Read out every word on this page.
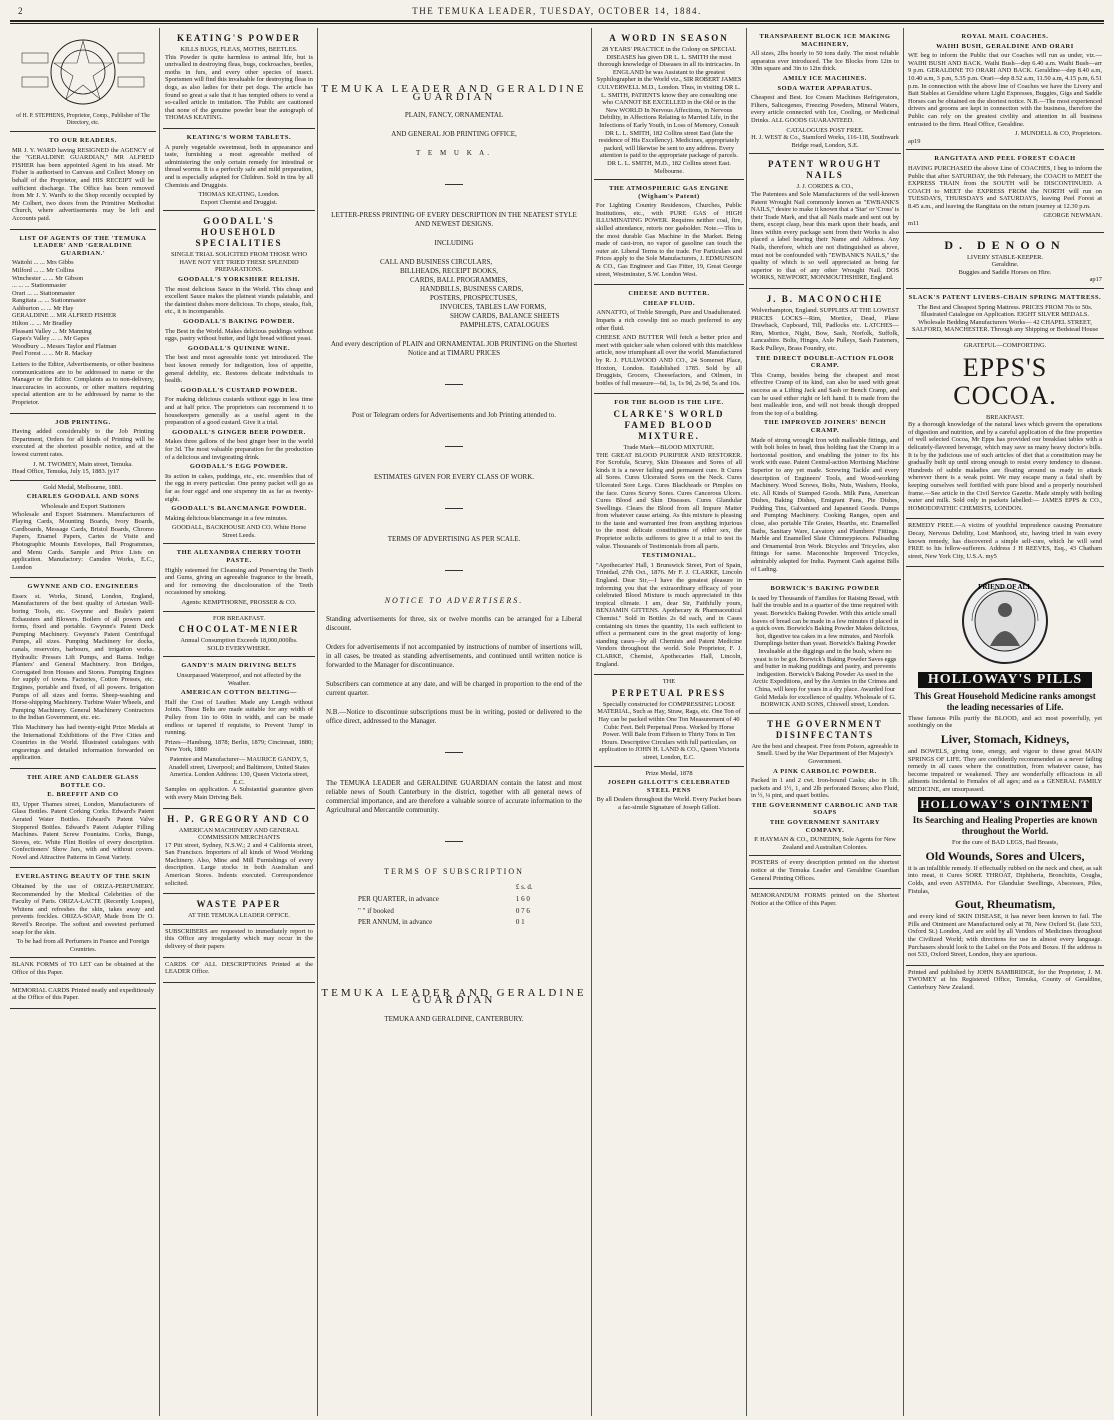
2	THE TEMUKA LEADER, TUESDAY, OCTOBER 14, 1884.
of H. P. STEPHENS, Proprietor, Comp., Publisher of The Directory, etc.
TO OUR READERS.
MR J. Y. WARD having RESIGNED the AGENCY of the "GERALDINE GUARDIAN," MR ALFRED FISHER has been appointed Agent in his stead. Mr Fisher is authorised to Canvass and Collect Money on behalf of the Proprietor, and HIS RECEIPT will be sufficient discharge. The Office has been removed from Mr J. Y. Ward's to the Shop recently occupied by Mr Colbert, two doors from the Primitive Methodist Church, where advertisements may be left and Accounts paid.
LIST OF AGENTS OF THE 'TEMUKA LEADER' AND 'GERALDINE GUARDIAN.'
Waitohi ... ... Mrs Gibbs
Milford ... ... Mr Collins
Winchester ... ... Mr Gibson
... ... ... Stationmaster
Orari ... ... Stationmaster
Rangitata ... ... Stationmaster
Ashburton ... ... Mr Hay
GERALDINE ... MR ALFRED FISHER
Hilton ... ... Mr Bradley
Pleasant Valley ... Mr Manning
Gapes's Valley ... ... Mr Gapes
Woodbury ... Messrs Taylor and Flatman
Peel Forest ... ... Mr R. Mackay
Letters to the Editor, Advertisements, or other business communications are to be addressed to name or the Manager or the Editor. Complaints as to non-delivery, inaccuracies in accounts, or other matters requiring special attention are to be addressed by name to the Proprietor.
JOB PRINTING.
Having added considerably to the Job Printing Department, Orders for all kinds of Printing will be executed at the shortest possible notice, and at the lowest current rates.
J. M. TWOMEY, Main street, Temuka.
Head Office, Temuka, July 15, 1883. jy17
Gold Medal, Melbourne, 1881.
CHARLES GOODALL AND SONS
Wholesale and Export Stationers
Wholesale and Export Statmners. Manufacturers of Playing Cards, Mounting Boards, Ivory Boards, Cardboards, Message Cards, Bristol Boards, Chromo Papers, Enamel Papers, Cartes de Visite and Photographic Mounts Envelopes, Ball Programmes, and Menu Cards. Sample and Price Lists on application. Manufactory: Camden Works, E.C., London
GWYNNE AND CO. ENGINEERS
Essex st. Works, Strand, London, England, Manufacturers of the best quality of Artesian Well-boring Tools, etc. Gwynne and Beale's patent Exhausters and Blowers. Boilers of all powers and forms, fixed and portable. Gwynne's Patent Deck Pumping Machinery. Gwynne's Patent Centrifugal Pumps, all sizes. Pumping Machinery for docks, canals, reservoirs, harbours, and irrigation works. Hydraulic Presses Lift Pumps, and Rams. Indigo Planters' and General Machinery. Iron Bridges, Corrugated Iron Houses and Stores. Pumping Engines for supply of towns. Factories, Cotton Presses, etc. Engines, portable and fixed, of all powers. Irrigation Pumps of all sizes and forms. Sheep-washing and Horse-shipping Machinery. Turbine Water Wheels, and Pumping Machinery. General Machinery Contractors to the Indian Government, etc. etc.
This Machinery has had twenty-eight Prize Medals at the International Exhibitions of the Five Cities and Countries in the World. Illustrated catalogues with engravings and detailed information forwarded on application.
THE AIRE AND CALDER GLASS BOTTLE CO.
E. BREFFIT AND CO
83, Upper Thames street, London, Manufacturers of Glass Bottles. Patent Corking Corks. Edward's Patent Aerated Water Bottles. Edward's Patent Valve Stoppered Bottles. Edward's Patent Adapter Filling Machines. Patent Screw Fountains. Corks, Bungs, Stoves, etc. White Flint Bottles of every description. Confectioners' Show Jars, with and without covers. Novel and Attractive Patterns in Great Variety.
EVERLASTING BEAUTY OF THE SKIN
Obtained by the use of ORIZA-PERFUMERY. Recommended by the Medical Celebrities of the Faculty of Paris. ORIZA-LACTE (Recently Loupes), Whitens and refreshes the skin, takes away and prevents freckles. ORIZA-SOAP, Made from Dr O. Reveil's Receipe. The softest and sweetest perfumed soap for the skin.
To be had from all Perfumers in France and Foreign Countries.
BLANK FORMS of TO LET can be obtained at the Office of this Paper.
MEMORIAL CARDS Printed neatly and expeditiously at the Office of this Paper.
KEATING'S POWDER
KILLS BUGS, FLEAS, MOTHS, BEETLES.
This Powder is quite harmless to animal life, but is unrivalled in destroying fleas, bugs, cockroaches, beetles, moths in furs, and every other species of insect. Sportsmen will find this invaluable for destroying fleas in dogs, as also ladies for their pet dogs. The article has found so great a sale that it has tempted others to vend a so-called article in imitation. The Public are cautioned that none of the genuine powder bear the autograph of THOMAS KEATING.
KEATING'S WORM TABLETS.
A purely vegetable sweetmeat, both in appearance and taste, furnishing a most agreeable method of administering the only certain remedy for intestinal or thread worms. It is a perfectly safe and mild preparation, and is especially adapted for Children. Sold in tins by all Chemists and Druggists.
THOMAS KEATING, London.
Export Chemist and Druggist.
GOODALL'S HOUSEHOLD SPECIALITIES
SINGLE TRIAL SOLICITED FROM THOSE WHO HAVE NOT YET TRIED THESE SPLENDID PREPARATIONS.
GOODALL'S YORKSHIRE RELISH.
The most delicious Sauce in the World. This cheap and excellent Sauce makes the plainest viands palatable, and the daintiest dishes more delicious. To chops, steaks, fish, etc., it is incomparable.
GOODALL'S BAKING POWDER.
The Best in the World. Makes delicious puddings without eggs, pastry without butter, and light bread without yeast.
GOODALL'S QUININE WINE.
The best and most agreeable tonic yet introduced. The best known remedy for indigestion, loss of appetite, general debility, etc. Restores delicate individuals to health.
GOODALL'S CUSTARD POWDER.
For making delicious custards without eggs in less time and at half price. The proprietors can recommend it to housekeepers generally as a useful agent in the preparation of a good custard. Give it a trial.
GOODALL'S GINGER BEER POWDER.
Makes three gallons of the best ginger beer in the world for 3d. The most valuable preparation for the production of a delicious and invigorating drink.
GOODALL'S EGG POWDER.
Its action in cakes, puddings, etc., etc. resembles that of the egg in every particular. One penny packet will go as far as four eggs! and one sixpenny tin as far as twenty-eight.
GOODALL'S BLANCMANGE POWDER.
Making delicious blancmange in a few minutes.
GOODALL, BACKHOUSE AND CO. White Horse Street Leeds.
THE ALEXANDRA CHERRY TOOTH PASTE.
Highly esteemed for Cleansing and Preserving the Teeth and Gums, giving an agreeable fragrance to the breath, and for removing the discolouration of the Teeth occasioned by smoking.
Agents: KEMPTHORNE, PROSSER & CO.
FOR BREAKFAST.
CHOCOLAT-MENIER
Annual Consumption Exceeds 18,000,000lbs.
SOLD EVERYWHERE.
GANDY'S MAIN DRIVING BELTS
Unsurpassed Waterproof, and not affected by the Weather.
AMERICAN COTTON BELTING—
Half the Cost of Leather. Made any Length without Joints. These Belts are made suitable for any width of Pulley from 1in to 60in in width, and can be made endless or tapered if requisite, to Prevent 'Jump' in running.
Prizes—Hamburg, 1878; Berlin, 1879; Cincinnati, 1880; New York, 1880
Patentee and Manufacturer— MAURICE GANDY, 5, Anadell street, Liverpool; and Baltimore, United States America. London Address: 130, Queen Victoria street, E.C.
Samples on application. A Substantial guarantee given with every Main Driving Belt.
H. P. GREGORY AND CO
AMERICAN MACHINERY AND GENERAL COMMISSION MERCHANTS
17 Pitt street, Sydney, N.S.W.; 2 and 4 California street, San Francisco. Importers of all kinds of Wood Working Machinery. Also, Mine and Mill Furnishings of every description. Large stocks in both Australian and American Stores. Indents executed. Correspondence solicited.
WASTE PAPER
AT THE TEMUKA LEADER OFFICE.
SUBSCRIBERS are requested to immediately report to this Office any irregularity which may occur in the delivery of their papers
CARDS OF ALL DESCRIPTIONS Printed at the LEADER Office.
TEMUKA LEADER AND GERALDINE GUARDIAN
PLAIN, FANCY, ORNAMENTAL
AND GENERAL JOB PRINTING OFFICE,
T E M U K A.
LETTER-PRESS PRINTING OF EVERY DESCRIPTION IN THE NEATEST STYLE AND NEWEST DESIGNS.
INCLUDING
CALL AND BUSINESS CIRCULARS,
BILLHEADS, RECEIPT BOOKS,
CARDS, BALL PROGRAMMES,
HANDBILLS, BUSINESS CARDS,
POSTERS, PROSPECTUSES,
INVOICES, TABLES LAW FORMS,
SHOW CARDS, BALANCE SHEETS
PAMPHLETS, CATALOGUES
And every description of PLAIN and ORNAMENTAL JOB PRINTING on the Shortest Notice and at TIMARU PRICES
Post or Telegram orders for Advertisements and Job Printing attended to.
ESTIMATES GIVEN FOR EVERY CLASS OF WORK.
TERMS OF ADVERTISING AS PER SCALE.
NOTICE TO ADVERTISERS.
Standing advertisements for three, six or twelve months can be arranged for a Liberal discount.
Orders for advertisements if not accompanied by instructions of number of insertions will, in all cases, be treated as standing advertisements, and continued until written notice is forwarded to the Manager for discontinuance.
Subscribers can commence at any date, and will be charged in proportion to the end of the current quarter.
N.B.—Notice to discontinue subscriptions must be in writing, posted or delivered to the office direct, addressed to the Manager.
The TEMUKA LEADER and GERALDINE GUARDIAN contain the latest and most reliable news of South Canterbury in the district, together with all general news of commercial importance, and are therefore a valuable source of accurate information to the Agricultural and Mercantile community.
TERMS OF SUBSCRIPTION
	£ s. d.
PER QUARTER, in advance	1 6 0
" " if booked	0 7 6
PER ANNUM, in advance	0 1
TEMUKA LEADER AND GERALDINE GUARDIAN
TEMUKA AND GERALDINE, CANTERBURY.
A WORD IN SEASON
28 YEARS' PRACTICE in the Colony on SPECIAL DISEASES has given DR L. L. SMITH the most thorough knowledge of Diseases in all its intricacies. In ENGLAND he was Assistant to the greatest Syphilographer in the World viz., SIR ROBERT JAMES CULVERWELL M.D., London. Thus, in visiting DR L. L. SMITH, PATIENTS know they are consulting one who CANNOT BE EXCELLED in the Old or in the New WORLD In Nervous Affections, in Nervous Debility, in Affections Relating to Married Life, in the Infections of Early Youth, in Loss of Memory, Consult DR L. L. SMITH, 182 Collins street East (late the residence of His Excellency). Medicines, appropriately packed, will likewise be sent to any address. Every attention is paid to the appropriate package of parcels. DR L. L. SMITH, M.D., 182 Collins street East. Melbourne.
THE ATMOSPHERIC GAS ENGINE (Wigham's Patent)
For Lighting Country Residences, Churches, Public Institutions, etc., with PURE GAS of HIGH ILLUMINATING POWER. Requires neither coal, fire, skilled attendance, retorts nor gasholder. Note.—This is the most durable Gas Machine in the Market. Being made of cast-iron, no vapor of gasoline can touch the outer air. Liberal Terms to the trade. For Particulars and Prices apply to the Sole Manufacturers, J. EDMUNSON & CO., Gas Engineer and Gas Fitter, 19, Great George street, Westminster, S.W. London West.
CHEESE AND BUTTER.
CHEAP FLUID.
ANNATTO, of Treble Strength, Pure and Unadulterated.
Imparts a rich cowslip tint so much preferred to any other fluid.
CHEESE AND BUTTER Will fetch a better price and meet with quicker sale when colored with this matchless article, now triumphant all over the world. Manufactured by R. J. FULLWOOD AND CO., 24 Somerset Place, Hoxton, London. Established 1785. Sold by all Druggists, Grocers, Cheesefactors, and Oilmen, in bottles of full measure—6d, 1s, 1s 9d, 2s 9d, 5s and 10s.
FOR THE BLOOD IS THE LIFE.
CLARKE'S WORLD FAMED BLOOD MIXTURE.
Trade Mark—BLOOD MIXTURE.
THE GREAT BLOOD PURIFIER AND RESTORER. For Scrofula, Scurvy, Skin Diseases and Sores of all kinds it is a never failing and permanent cure. It Cures all Sores. Cures Ulcerated Sores on the Neck. Cures Ulcerated Sore Legs. Cures Blackheads or Pimples on the face. Cures Scurvy Sores. Cures Cancerous Ulcers. Cures Blood and Skin Diseases. Cures Glandular Swellings. Clears the Blood from all Impure Matter from whatever cause arising. As this mixture is pleasing to the taste and warranted free from anything injurious to the most delicate constitutions of either sex, the Proprietor solicits sufferers to give it a trial to test its value. Thousands of Testimonials from all parts.
TESTIMONIAL.
"Apothecaries' Hall, 1 Brunswick Street, Port of Spain, Trinidad, 27th Oct., 1876. Mr F. J. CLARKE, Lincoln England. Dear Sir,—I have the greatest pleasure in informing you that the extraordinary efficacy of your celebrated Blood Mixture is much appreciated in this tropical climate. I am, dear Sir, Faithfully yours, BENJAMIN GITTENS. Apothecary & Pharmaceutical Chemist." Sold in Bottles 2s 6d each, and in Cases containing six times the quantity, 11s each sufficient to effect a permanent cure in the great majority of long-standing cases—by all Chemists and Patent Medicine Vendors throughout the world. Sole Proprietor, F. J. CLARKE, Chemist, Apothecaries Hall, Lincoln, England.
THE
PERPETUAL PRESS
Specially constructed for COMPRESSING LOOSE MATERIAL, Such as Hay, Straw, Rags, etc. One Ton of Hay can be packed within One Ton Measurement of 40 Cubic Feet. Belt Perpetual Press. Worked by Horse Power. Will Bale from Fifteen to Thirty Tons in Ten Hours. Descriptive Circulars with full particulars, on application to JOHN H. LAND & CO., Queen Victoria street, London, E.C.
Prize Medal, 1878
JOSEPH GILLOTT'S CELEBRATED STEEL PENS
By all Dealers throughout the World. Every Packet bears a fac-simile Signature of Joseph Gillott.
TRANSPARENT BLOCK ICE MAKING MACHINERY,
All sizes, 2lbs hourly to 50 tons daily. The most reliable apparatus ever introduced. The Ice Blocks from 12in to 30in square and 3in to 12in thick.
AMILY ICE MACHINES.
SODA WATER APPARATUS.
Cheapest and Best. Ice Cream Machines Refrigerators, Filters, Saltcegenes, Freezing Powders, Mineral Waters, every article connected with Ice, Cooling, or Medicinal Drinks. ALL GOODS GUARANTEED.
CATALOGUES POST FREE.
H. J. WEST & Co., Stamford Works, 116-118, Southwark Bridge road, London, S.E.
PATENT WROUGHT NAILS
J. J. CORDES & CO.,
The Patentees and Sole Manufacturers of the well-known Patent Wrought Nail commonly known as "EWBANK'S NAILS," desire to make it known that a 'Star' or 'Cross' is their Trade Mark, and that all Nails made and sent out by them, except clasp, bear this mark upon their heads, and lines within every package sent from their Works is also placed a label bearing their Name and Address. Any Nails, therefore, which are not distinguished as above, must not be confounded with "EWBANK'S NAILS," the quality of which is so well appreciated as being far superior to that of any other Wrought Nail. DOS WORKS, NEWPORT, MONMOUTHSHIRE, England.
J. B. MACONOCHIE
Wolverhampton, England. SUPPLIES AT THE LOWEST PRICES LOCKS—Rim, Mortice, Dead, Plane Drawback, Cupboard, Till, Padlocks etc. LATCHES—Rim, Mortice, Night, Bow, Sash, Norfolk, Suffolk, Lancashire. Bolts, Hinges, Axle Pulleys, Sash Fasteners, Rack Pulleys, Brass Foundry, etc.
THE DIRECT DOUBLE-ACTION FLOOR CRAMP.
This Cramp, besides being the cheapest and most effective Cramp of its kind, can also be used with great success as a Lifting Jack and Sash or Bench Cramp, and can be used either right or left hand. It is made from the best malleable iron, and will not break though dropped from the top of a building.
THE IMPROVED JOINERS' BENCH CRAMP.
Made of strong wrought Iron with malleable fittings, and with bolt holes in head, thus holding fast the Cramp in a horizontal position, and enabling the joiner to fix his work with ease. Patent Central-action Mortising Machine Superior to any yet made. Screwing Tackle and every description of Engineers' Tools, and Wood-working Machinery. Wood Screws, Bolts, Nuts, Washers, Hooks, etc. All Kinds of Stamped Goods. Milk Pans, American Dishes, Baking Dishes, Emigrant Pans, Pie Dishes, Pudding Tins, Galvanised and Japanned Goods. Pumps and Pumping Machinery. Cooking Ranges, open and close, also portable Tile Grates, Hearths, etc. Enamelled Baths, Sanitary Ware, Lavatory and Plumbers' Fittings. Marble and Enamelled Slate Chimneypieces. Palisading and Ornamental Iron Work. Bicycles and Tricycles, also fittings for same. Maconochie Improved Tricycles, admirably adapted for India. Payment Cash against Bills of Lading.
BORWICK'S BAKING POWDER
Is used by Thousands of Families for Raising Bread, with half the trouble and in a quarter of the time required with yeast. Borwick's Baking Powder. With this article small loaves of bread can be made in a few minutes if placed in a quick oven. Borwick's Baking Powder Makes delicious, hot, digestive tea cakes in a few minutes, and Norfolk Dumplings better than yeast. Borwick's Baking Powder Invaluable at the diggings and in the bush, where no yeast is to be got. Borwick's Baking Powder Saves eggs and butter in making puddings and pastry, and prevents indigestion. Borwick's Baking Powder As used in the Arctic Expeditions, and by the Armies in the Crimea and China, will keep for years in a dry place. Awarded four Gold Medals for excellence of quality. Wholesale of G. BORWICK AND SONS, Chiswell street, London.
THE GOVERNMENT DISINFECTANTS
Are the best and cheapest. Free from Poison, agreeable in Smell. Used by the War Department of Her Majesty's Government.
A PINK CARBOLIC POWDER.
Packed in 1 and 2 cwt. Iron-bound Casks; also in 1lb. packets and 1½, 1, and 2lb perforated Boxes; also Fluid, in ½, ¼ pint, and quart bottles.
THE GOVERNMENT CARBOLIC AND TAR SOAPS
THE GOVERNMENT SANITARY COMPANY.
P. HAYMAN & CO., DUNEDIN, Sole Agents for New Zealand and Australian Colonies.
POSTERS of every description printed on the shortest notice at the Temuka Leader and Geraldine Guardian General Printing Offices.
MEMORANDUM FORMS printed on the Shortest Notice at the Office of this Paper.
ROYAL MAIL COACHES.
WAIHI BUSH, GERALDINE AND ORARI
WE beg to inform the Public that our Coaches will run as under, viz.— WAIHI BUSH AND BACK. Waihi Bush—dep 6.40 a.m. Waihi Bush—arr 9 p.m. GERALDINE TO ORARI AND BACK. Geraldine—dep 8.40 a.m, 10.40 a.m, 3 p.m, 5.35 p.m. Orari—dep 8.52 a.m, 11.50 a.m, 4.15 p.m, 6.51 p.m. In connection with the above line of Coaches we have the Livery and Bait Stables at Geraldine where Light Expresses, Buggies, Gigs and Saddle Horses can be obtained on the shortest notice. N.B.—The most experienced drivers and grooms are kept in connection with the business, therefore the Public can rely on the greatest civility and attention in all business entrusted to the firm. Head Office, Geraldine.
J. MUNDELL & CO, Proprietors.
ap19
RANGITATA AND PEEL FOREST COACH
HAVING PURCHASED the above Line of COACHES, I beg to inform the Public that after SATURDAY, the 9th February, the COACH to MEET the EXPRESS TRAIN from the SOUTH will be DISCONTINUED. A COACH to MEET the EXPRESS FROM the NORTH will run on TUESDAYS, THURSDAYS and SATURDAYS, leaving Peel Forest at 8.45 a.m., and leaving the Rangitata on the return journey at 12.30 p.m.
GEORGE NEWMAN.
m11
D. DENOON
LIVERY STABLE-KEEPER.
Geraldine.
Buggies and Saddle Horses on Hire.
ap17
SLACK'S PATENT LIVERS-CHAIN SPRING MATTRESS.
The Best and Cheapest Spring Mattress. PRICES FROM 70s to 50s. Illustrated Catalogue on Application. EIGHT SILVER MEDALS. Wholesale Bedding Manufacturers Works— 42 CHAPEL STREET, SALFORD, MANCHESTER. Through any Shipping or Bedstead House
GRATEFUL—COMFORTING.
EPPS'S COCOA.
BREAKFAST.
By a thorough knowledge of the natural laws which govern the operations of digestion and nutrition, and by a careful application of the fine properties of well selected Cocoa, Mr Epps has provided our breakfast tables with a delicately-flavored beverage, which may save us many heavy doctor's bills. It is by the judicious use of such articles of diet that a constitution may be gradually built up until strong enough to resist every tendency to disease. Hundreds of subtle maladies are floating around us ready to attack wherever there is a weak point. We may escape many a fatal shaft by keeping ourselves well fortified with pure blood and a properly nourished frame.—See article in the Civil Service Gazette. Made simply with boiling water and milk. Sold only in packets labelled:— JAMES EPPS & CO., HOMOEOPATHIC CHEMISTS, LONDON.
REMEDY FREE.—A victim of youthful imprudence causing Premature Decay, Nervous Debility, Lost Manhood, etc, having tried in vain every known remedy, has discovered a simple self-cure, which he will send FREE to his fellow-sufferers. Address J H REEVES, Esq., 43 Chatham street, New York City, U.S.A. my5
FRIEND OF ALL
HOLLOWAY'S PILLS
This Great Household Medicine ranks amongst the leading necessaries of Life.
These famous Pills purify the BLOOD, and act most powerfully, yet soothingly on the
Liver, Stomach, Kidneys,
and BOWELS, giving tone, energy, and vigour to these great MAIN SPRINGS OF LIFE. They are confidently recommended as a never failing remedy in all cases where the constitution, from whatever cause, has become impaired or weakened. They are wonderfully efficacious in all ailments incidental to Females of all ages; and as a GENERAL FAMILY MEDICINE, are unsurpassed.
HOLLOWAY'S OINTMENT
Its Searching and Healing Properties are known throughout the World.
For the cure of BAD LEGS, Bad Breasts,
Old Wounds, Sores and Ulcers,
it is an infallible remedy. If effectually rubbed on the neck and chest, as salt into meat, it Cures SORE THROAT, Diphtheria, Bronchitis, Coughs, Colds, and even ASTHMA. For Glandular Swellings, Abscesses, Piles, Fistulas,
Gout, Rheumatism,
and every kind of SKIN DISEASE, it has never been known to fail. The Pills and Ointment are Manufactured only at 78, New Oxford St. (late 533, Oxford St.) London, And are sold by all Vendors of Medicines throughout the Civilized World; with directions for use in almost every language. Purchasers should look to the Label on the Pots and Boxes. If the address is not 533, Oxford Street, London, they are spurious.
Printed and published by JOHN BAMBRIDGE, for the Proprietor, J. M. TWOMEY at his Registered Office, Temuka, County of Geraldine, Canterbury New Zealand.
